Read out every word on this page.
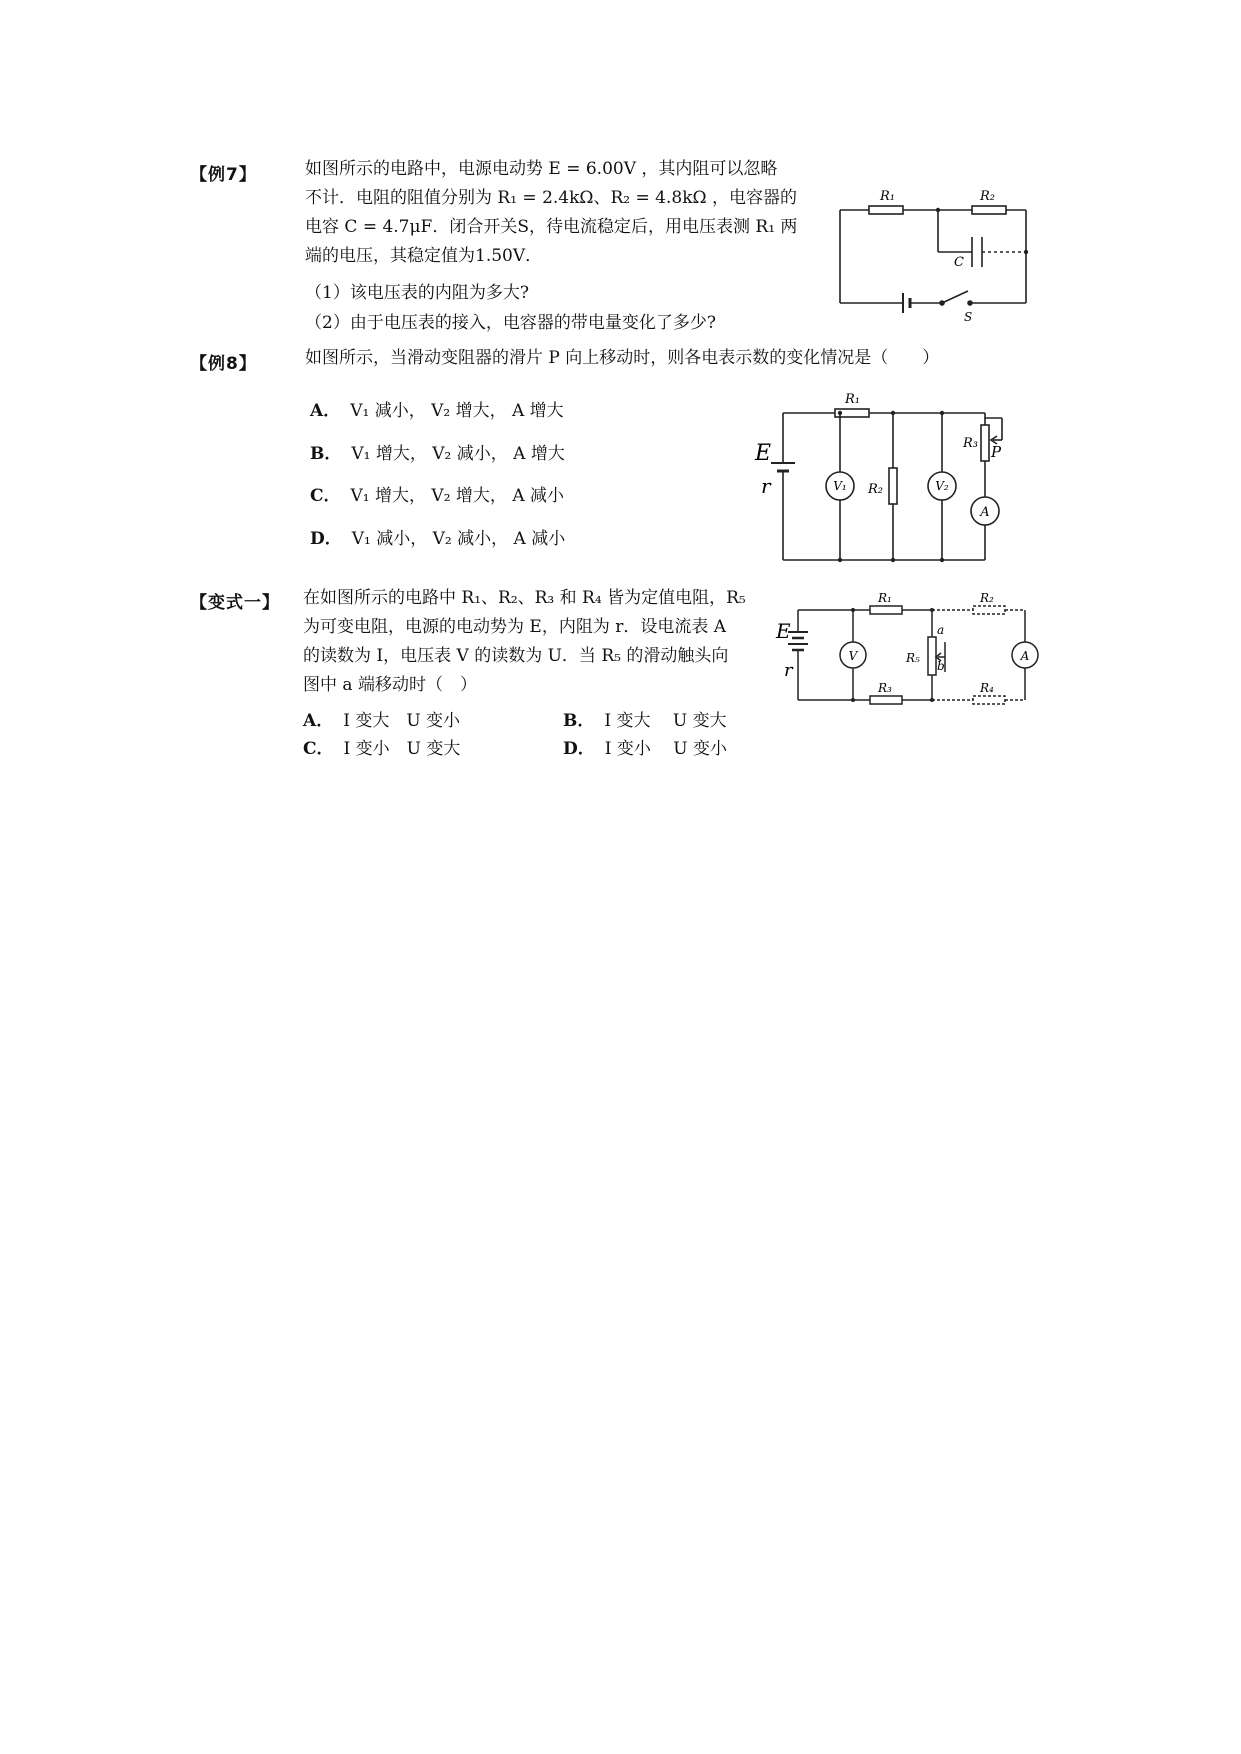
【例7】	如图所示的电路中，电源电动势 E = 6.00V ，其内阻可以忽略
不计．电阻的阻值分别为 R₁ = 2.4kΩ、R₂ = 4.8kΩ ，电容器的
电容 C = 4.7μF．闭合开关S，待电流稳定后，用电压表测 R₁ 两
端的电压，其稳定值为1.50V．
（1）该电压表的内阻为多大?
（2）由于电压表的接入，电容器的带电量变化了多少?
R₁	R₂
C
S
【例8】	如图所示，当滑动变阻器的滑片 P 向上移动时，则各电表示数的变化情况是（　　）
A． V₁ 减小， V₂ 增大， A 增大
B． V₁ 增大， V₂ 减小， A 增大
C． V₁ 增大， V₂ 增大， A 减小
D． V₁ 减小， V₂ 减小， A 减小
E
r
R₁
R₂
R₃ P
V₁	V₂
A
【变式一】 在如图所示的电路中 R₁、R₂、R₃ 和 R₄ 皆为定值电阻，R₅
为可变电阻，电源的电动势为 E，内阻为 r．设电流表 A
的读数为 I，电压表 V 的读数为 U．当 R₅ 的滑动触头向
图中 a 端移动时（　）
A． I 变大　U 变小	B． I 变大　 U 变大
C． I 变小　U 变大	D． I 变小　 U 变小
E
r
R₁	R₂
R₃	R₄
R₅
a
b
V	A
